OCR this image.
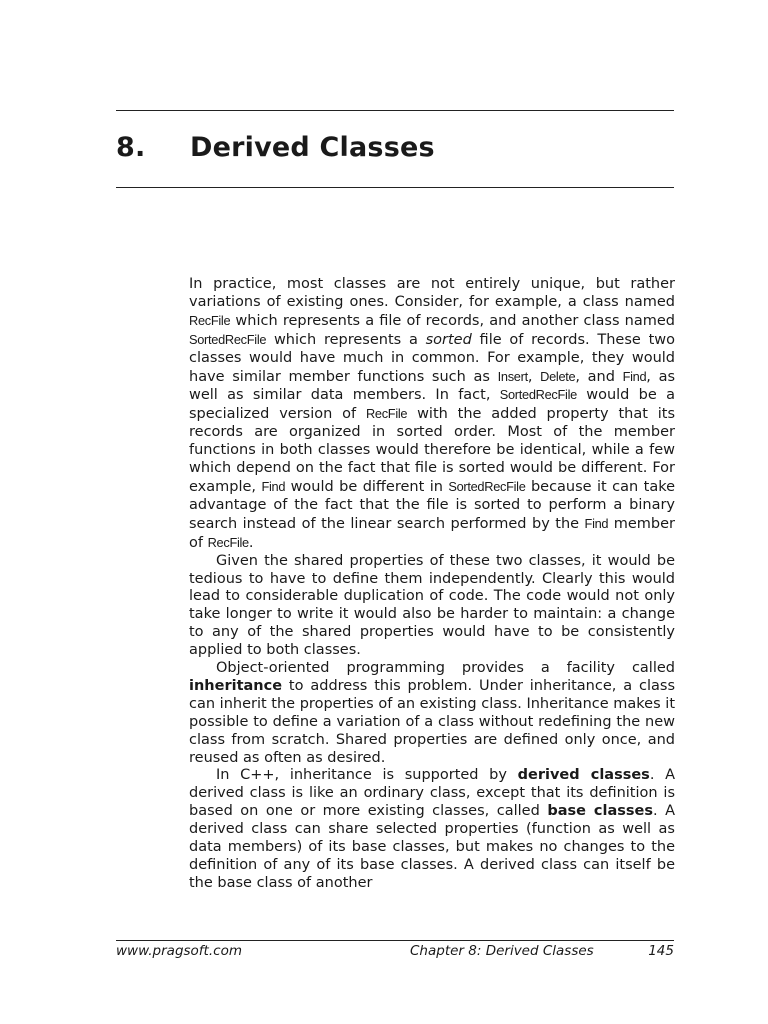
8.	Derived Classes

In practice, most classes are not entirely unique, but rather variations of existing ones. Consider, for example, a class named RecFile which represents a file of records, and another class named SortedRecFile which represents a sorted file of records. These two classes would have much in common. For example, they would have similar member functions such as Insert, Delete, and Find, as well as similar data members. In fact, SortedRecFile would be a specialized version of RecFile with the added property that its records are organized in sorted order. Most of the member functions in both classes would therefore be identical, while a few which depend on the fact that file is sorted would be different. For example, Find would be different in SortedRecFile because it can take advantage of the fact that the file is sorted to perform a binary search instead of the linear search performed by the Find member of RecFile.

Given the shared properties of these two classes, it would be tedious to have to define them independently. Clearly this would lead to considerable duplication of code. The code would not only take longer to write it would also be harder to maintain: a change to any of the shared properties would have to be consistently applied to both classes.

Object-oriented programming provides a facility called inheritance to address this problem. Under inheritance, a class can inherit the properties of an existing class. Inheritance makes it possible to define a variation of a class without redefining the new class from scratch. Shared properties are defined only once, and reused as often as desired.

In C++, inheritance is supported by derived classes. A derived class is like an ordinary class, except that its definition is based on one or more existing classes, called base classes. A derived class can share selected properties (function as well as data members) of its base classes, but makes no changes to the definition of any of its base classes. A derived class can itself be the base class of another

www.pragsoft.com	Chapter 8: Derived Classes	145
